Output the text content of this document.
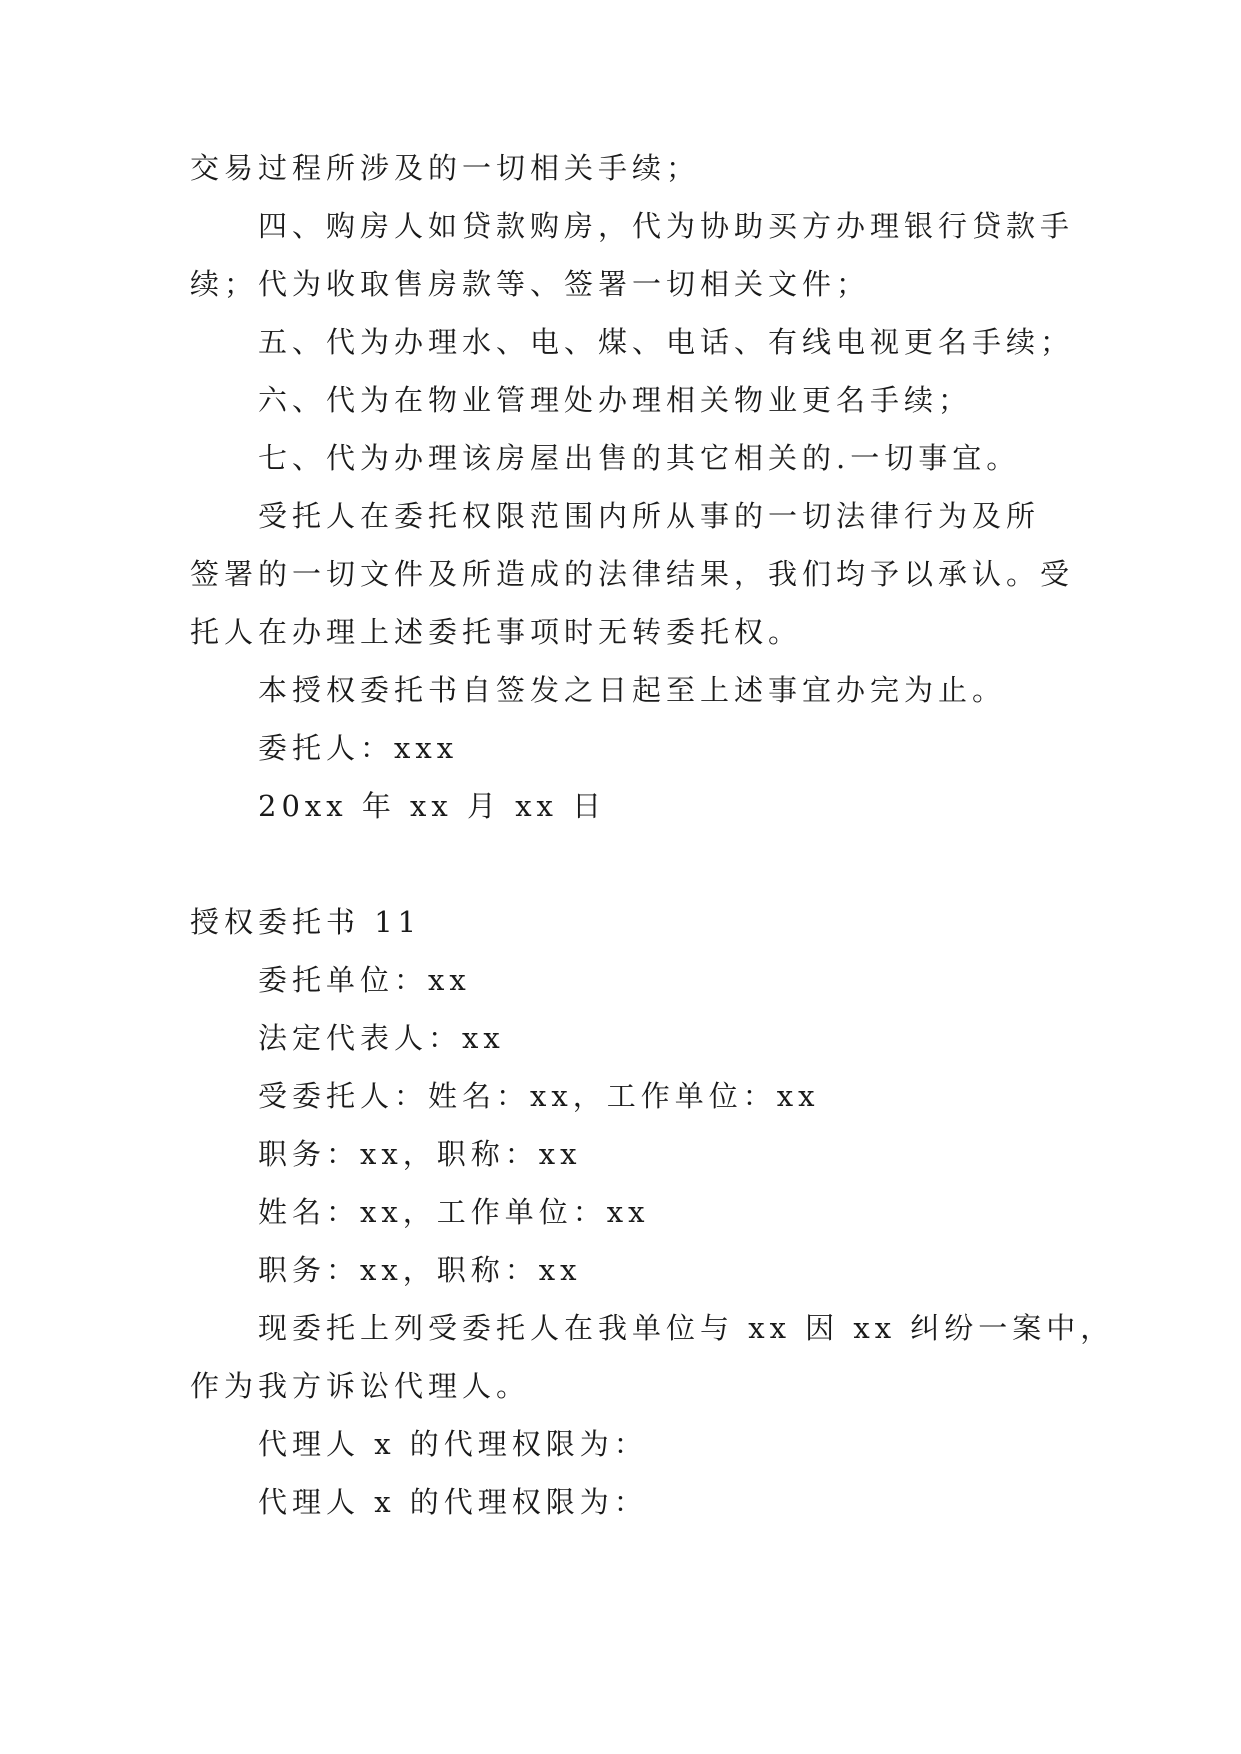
交易过程所涉及的一切相关手续；
四、购房人如贷款购房，代为协助买方办理银行贷款手
续；代为收取售房款等、签署一切相关文件；
五、代为办理水、电、煤、电话、有线电视更名手续；
六、代为在物业管理处办理相关物业更名手续；
七、代为办理该房屋出售的其它相关的.一切事宜。
受托人在委托权限范围内所从事的一切法律行为及所
签署的一切文件及所造成的法律结果，我们均予以承认。受
托人在办理上述委托事项时无转委托权。
本授权委托书自签发之日起至上述事宜办完为止。
委托人：xxx
20xx 年 xx 月 xx 日
授权委托书 11
委托单位：xx
法定代表人：xx
受委托人：姓名：xx，工作单位：xx
职务：xx，职称：xx
姓名：xx，工作单位：xx
职务：xx，职称：xx
现委托上列受委托人在我单位与 xx 因 xx 纠纷一案中，
作为我方诉讼代理人。
代理人 x 的代理权限为：
代理人 x 的代理权限为：
